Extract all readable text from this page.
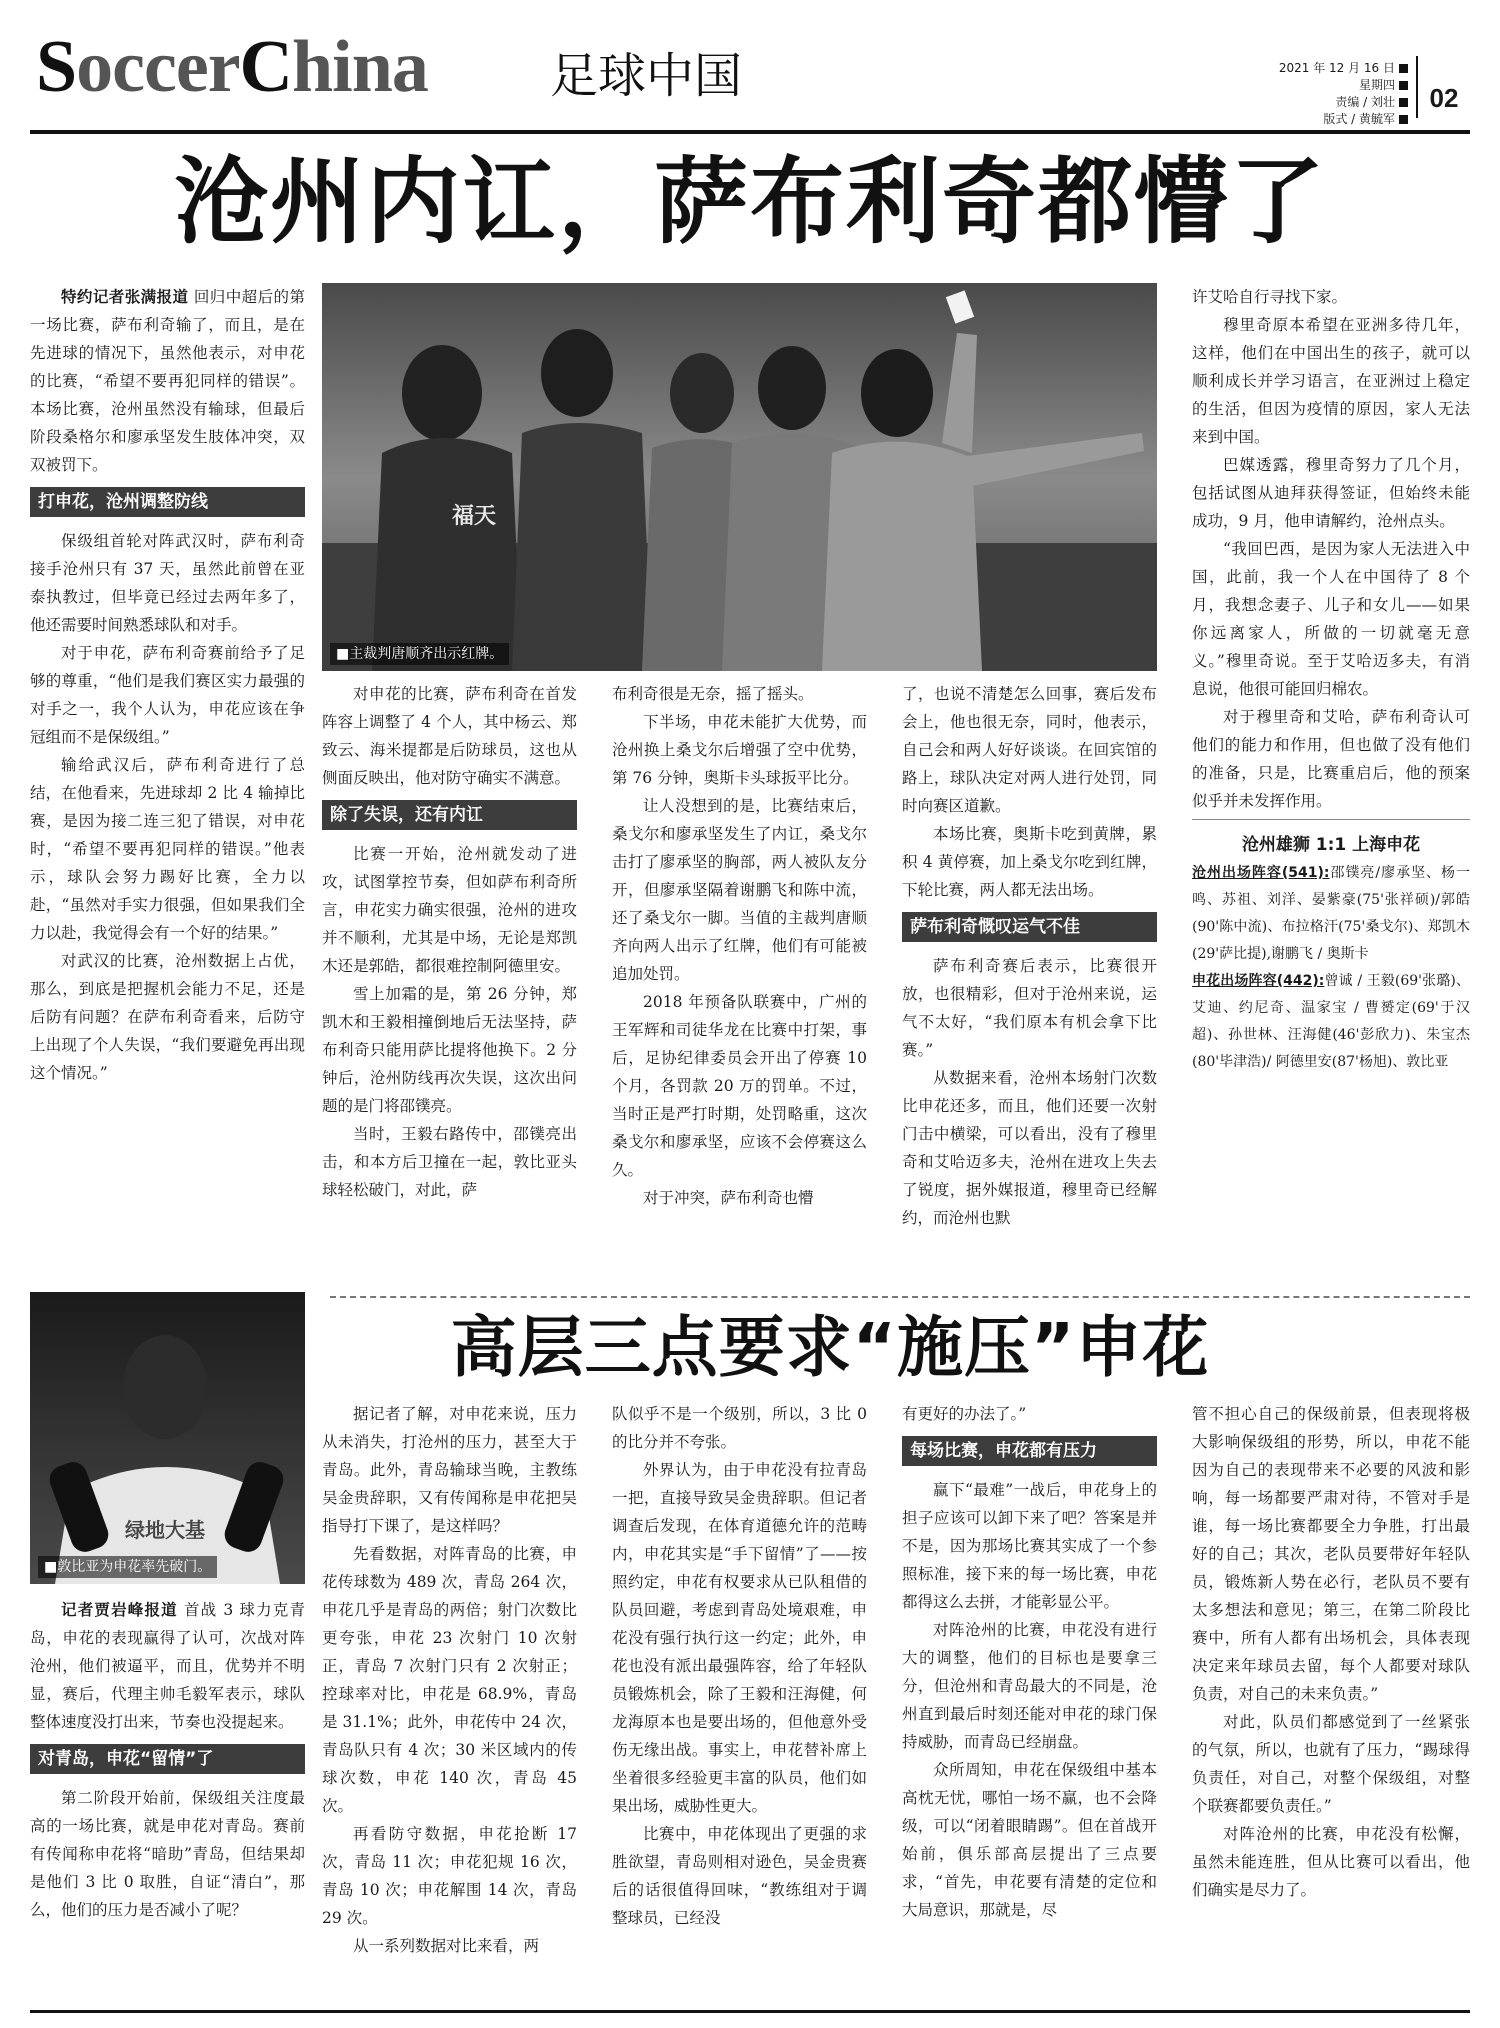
SoccerChina	足球中国	2021 年 12 月 16 日
星期四
责编 / 刘壮
版式 / 黄毓军
02
沧州内讧，萨布利奇都懵了
福天
■主裁判唐顺齐出示红牌。

特约记者张满报道 回归中超后的第一场比赛，萨布利奇输了，而且，是在先进球的情况下，虽然他表示，对申花的比赛，“希望不要再犯同样的错误”。本场比赛，沧州虽然没有输球，但最后阶段桑格尔和廖承坚发生肢体冲突，双双被罚下。

打申花，沧州调整防线

保级组首轮对阵武汉时，萨布利奇接手沧州只有 37 天，虽然此前曾在亚泰执教过，但毕竟已经过去两年多了，他还需要时间熟悉球队和对手。

对于申花，萨布利奇赛前给予了足够的尊重，“他们是我们赛区实力最强的对手之一，我个人认为，申花应该在争冠组而不是保级组。”

输给武汉后，萨布利奇进行了总结，在他看来，先进球却 2 比 4 输掉比赛，是因为接二连三犯了错误，对申花时，“希望不要再犯同样的错误。”他表示，球队会努力踢好比赛，全力以赴，“虽然对手实力很强，但如果我们全力以赴，我觉得会有一个好的结果。”

对武汉的比赛，沧州数据上占优，那么，到底是把握机会能力不足，还是后防有问题？在萨布利奇看来，后防守上出现了个人失误，“我们要避免再出现这个情况。”

对申花的比赛，萨布利奇在首发阵容上调整了 4 个人，其中杨云、郑致云、海米提都是后防球员，这也从侧面反映出，他对防守确实不满意。

除了失误，还有内讧

比赛一开始，沧州就发动了进攻，试图掌控节奏，但如萨布利奇所言，申花实力确实很强，沧州的进攻并不顺利，尤其是中场，无论是郑凯木还是郭皓，都很难控制阿德里安。

雪上加霜的是，第 26 分钟，郑凯木和王毅相撞倒地后无法坚持，萨布利奇只能用萨比提将他换下。2 分钟后，沧州防线再次失误，这次出问题的是门将邵镤亮。

当时，王毅右路传中，邵镤亮出击，和本方后卫撞在一起，敦比亚头球轻松破门，对此，萨

布利奇很是无奈，摇了摇头。

下半场，申花未能扩大优势，而沧州换上桑戈尔后增强了空中优势，第 76 分钟，奥斯卡头球扳平比分。

让人没想到的是，比赛结束后，桑戈尔和廖承坚发生了内讧，桑戈尔击打了廖承坚的胸部，两人被队友分开，但廖承坚隔着谢鹏飞和陈中流，还了桑戈尔一脚。当值的主裁判唐顺齐向两人出示了红牌，他们有可能被追加处罚。

2018 年预备队联赛中，广州的王军辉和司徒华龙在比赛中打架，事后，足协纪律委员会开出了停赛 10 个月，各罚款 20 万的罚单。不过，当时正是严打时期，处罚略重，这次桑戈尔和廖承坚，应该不会停赛这么久。

对于冲突，萨布利奇也懵

了，也说不清楚怎么回事，赛后发布会上，他也很无奈，同时，他表示，自己会和两人好好谈谈。在回宾馆的路上，球队决定对两人进行处罚，同时向赛区道歉。

本场比赛，奥斯卡吃到黄牌，累积 4 黄停赛，加上桑戈尔吃到红牌，下轮比赛，两人都无法出场。

萨布利奇慨叹运气不佳

萨布利奇赛后表示，比赛很开放，也很精彩，但对于沧州来说，运气不太好，“我们原本有机会拿下比赛。”

从数据来看，沧州本场射门次数比申花还多，而且，他们还要一次射门击中横梁，可以看出，没有了穆里奇和艾哈迈多夫，沧州在进攻上失去了锐度，据外媒报道，穆里奇已经解约，而沧州也默

许艾哈自行寻找下家。

穆里奇原本希望在亚洲多待几年，这样，他们在中国出生的孩子，就可以顺利成长并学习语言，在亚洲过上稳定的生活，但因为疫情的原因，家人无法来到中国。

巴媒透露，穆里奇努力了几个月，包括试图从迪拜获得签证，但始终未能成功，9 月，他申请解约，沧州点头。

“我回巴西，是因为家人无法进入中国，此前，我一个人在中国待了 8 个月，我想念妻子、儿子和女儿——如果你远离家人，所做的一切就毫无意义。”穆里奇说。至于艾哈迈多夫，有消息说，他很可能回归棉农。

对于穆里奇和艾哈，萨布利奇认可他们的能力和作用，但也做了没有他们的准备，只是，比赛重启后，他的预案似乎并未发挥作用。

沧州雄狮 1:1 上海申花

沧州出场阵容(541):邵镤亮/廖承坚、杨一鸣、苏祖、刘洋、晏紫豪(75'张祥硕)/郭皓(90'陈中流)、布拉格汗(75'桑戈尔)、郑凯木(29'萨比提),谢鹏飞 / 奥斯卡

申花出场阵容(442):曾诚 / 王毅(69'张璐)、艾迪、约尼奇、温家宝 / 曹赟定(69'于汉超)、孙世林、汪海健(46'彭欣力)、朱宝杰(80'毕津浩)/ 阿德里安(87'杨旭)、敦比亚

绿地大基
■敦比亚为申花率先破门。
高层三点要求“施压”申花

记者贾岩峰报道 首战 3 球力克青岛，申花的表现赢得了认可，次战对阵沧州，他们被逼平，而且，优势并不明显，赛后，代理主帅毛毅军表示，球队整体速度没打出来，节奏也没提起来。

对青岛，申花“留情”了

第二阶段开始前，保级组关注度最高的一场比赛，就是申花对青岛。赛前有传闻称申花将“暗助”青岛，但结果却是他们 3 比 0 取胜，自证“清白”，那么，他们的压力是否减小了呢？

据记者了解，对申花来说，压力从未消失，打沧州的压力，甚至大于青岛。此外，青岛输球当晚，主教练吴金贵辞职，又有传闻称是申花把吴指导打下课了，是这样吗？

先看数据，对阵青岛的比赛，申花传球数为 489 次，青岛 264 次，申花几乎是青岛的两倍；射门次数比更夸张，申花 23 次射门 10 次射正，青岛 7 次射门只有 2 次射正；控球率对比，申花是 68.9%，青岛是 31.1%；此外，申花传中 24 次，青岛队只有 4 次；30 米区域内的传球次数，申花 140 次，青岛 45 次。

再看防守数据，申花抢断 17 次，青岛 11 次；申花犯规 16 次，青岛 10 次；申花解围 14 次，青岛 29 次。

从一系列数据对比来看，两

队似乎不是一个级别，所以，3 比 0 的比分并不夸张。

外界认为，由于申花没有拉青岛一把，直接导致吴金贵辞职。但记者调查后发现，在体育道德允许的范畴内，申花其实是“手下留情”了——按照约定，申花有权要求从已队租借的队员回避，考虑到青岛处境艰难，申花没有强行执行这一约定；此外，申花也没有派出最强阵容，给了年轻队员锻炼机会，除了王毅和汪海健，何龙海原本也是要出场的，但他意外受伤无缘出战。事实上，申花替补席上坐着很多经验更丰富的队员，他们如果出场，威胁性更大。

比赛中，申花体现出了更强的求胜欲望，青岛则相对逊色，吴金贵赛后的话很值得回味，“教练组对于调整球员，已经没

有更好的办法了。”

每场比赛，申花都有压力

赢下“最难”一战后，申花身上的担子应该可以卸下来了吧？答案是并不是，因为那场比赛其实成了一个参照标准，接下来的每一场比赛，申花都得这么去拼，才能彰显公平。

对阵沧州的比赛，申花没有进行大的调整，他们的目标也是要拿三分，但沧州和青岛最大的不同是，沧州直到最后时刻还能对申花的球门保持威胁，而青岛已经崩盘。

众所周知，申花在保级组中基本高枕无忧，哪怕一场不赢，也不会降级，可以“闭着眼睛踢”。但在首战开始前，俱乐部高层提出了三点要求，“首先，申花要有清楚的定位和大局意识，那就是，尽

管不担心自己的保级前景，但表现将极大影响保级组的形势，所以，申花不能因为自己的表现带来不必要的风波和影响，每一场都要严肃对待，不管对手是谁，每一场比赛都要全力争胜，打出最好的自己；其次，老队员要带好年轻队员，锻炼新人势在必行，老队员不要有太多想法和意见；第三，在第二阶段比赛中，所有人都有出场机会，具体表现决定来年球员去留，每个人都要对球队负责，对自己的未来负责。”

对此，队员们都感觉到了一丝紧张的气氛，所以，也就有了压力，“踢球得负责任，对自己，对整个保级组，对整个联赛都要负责任。”

对阵沧州的比赛，申花没有松懈，虽然未能连胜，但从比赛可以看出，他们确实是尽力了。
